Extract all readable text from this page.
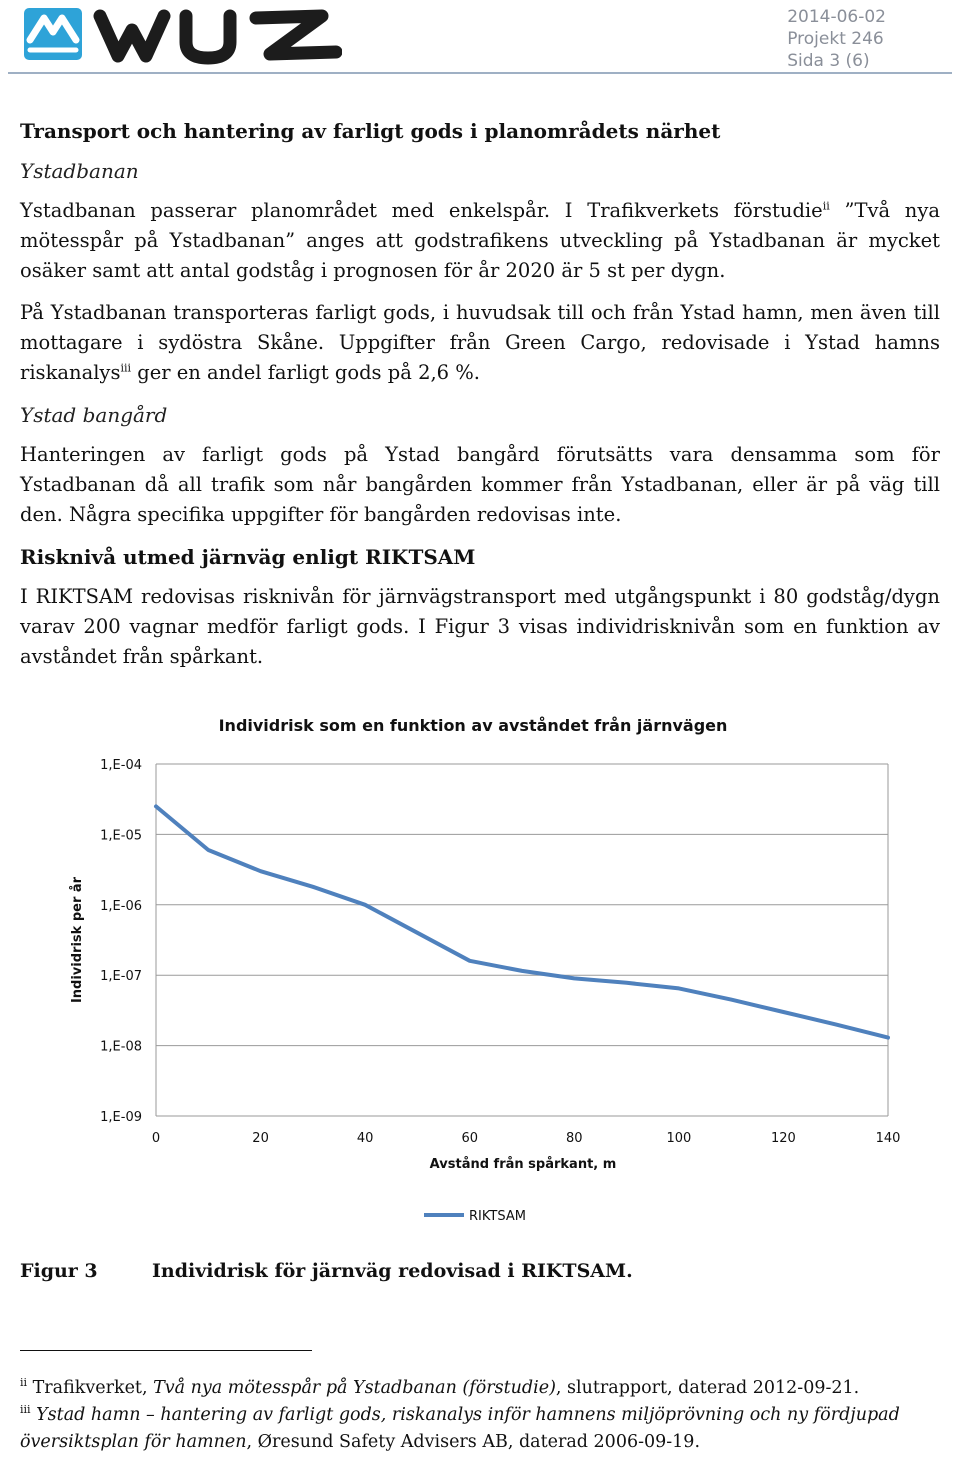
2014-06-02
Projekt 246
Sida 3 (6)
Transport och hantering av farligt gods i planområdets närhet
Ystadbanan
Ystadbanan passerar planområdet med enkelspår. I Trafikverkets förstudie$^{ii}$ ”Två nya mötesspår på Ystadbanan” anges att godstrafikens utveckling på Ystadbanan är mycket osäker samt att antal godståg i prognosen för år 2020 är 5 st per dygn.
På Ystadbanan transporteras farligt gods, i huvudsak till och från Ystad hamn, men även till mottagare i sydöstra Skåne. Uppgifter från Green Cargo, redovisade i Ystad hamns riskanalys$^{iii}$ ger en andel farligt gods på 2,6 %.
Ystad bangård
Hanteringen av farligt gods på Ystad bangård förutsätts vara densamma som för Ystadbanan då all trafik som når bangården kommer från Ystadbanan, eller är på väg till den. Några specifika uppgifter för bangården redovisas inte.
Risknivå utmed järnväg enligt RIKTSAM
I RIKTSAM redovisas risknivån för järnvägstransport med utgångspunkt i 80 godståg/dygn varav 200 vagnar medför farligt gods. I Figur 3 visas individrisknivån som en funktion av avståndet från spårkant.
Individrisk som en funktion av avståndet från järnvägen
Individrisk per år
Avstånd från spårkant, m
1,E-09
1,E-08
1,E-07
1,E-06
1,E-05
1,E-04
0	20	40	60	80	100	120	140
RIKTSAM
Figur 3	Individrisk för järnväg redovisad i RIKTSAM.

$^{ii}$ Trafikverket, Två nya mötesspår på Ystadbanan (förstudie), slutrapport, daterad 2012-09-21.

$^{iii}$ Ystad hamn – hantering av farligt gods, riskanalys inför hamnens miljöprövning och ny fördjupad översiktsplan för hamnen, Øresund Safety Advisers AB, daterad 2006-09-19.
